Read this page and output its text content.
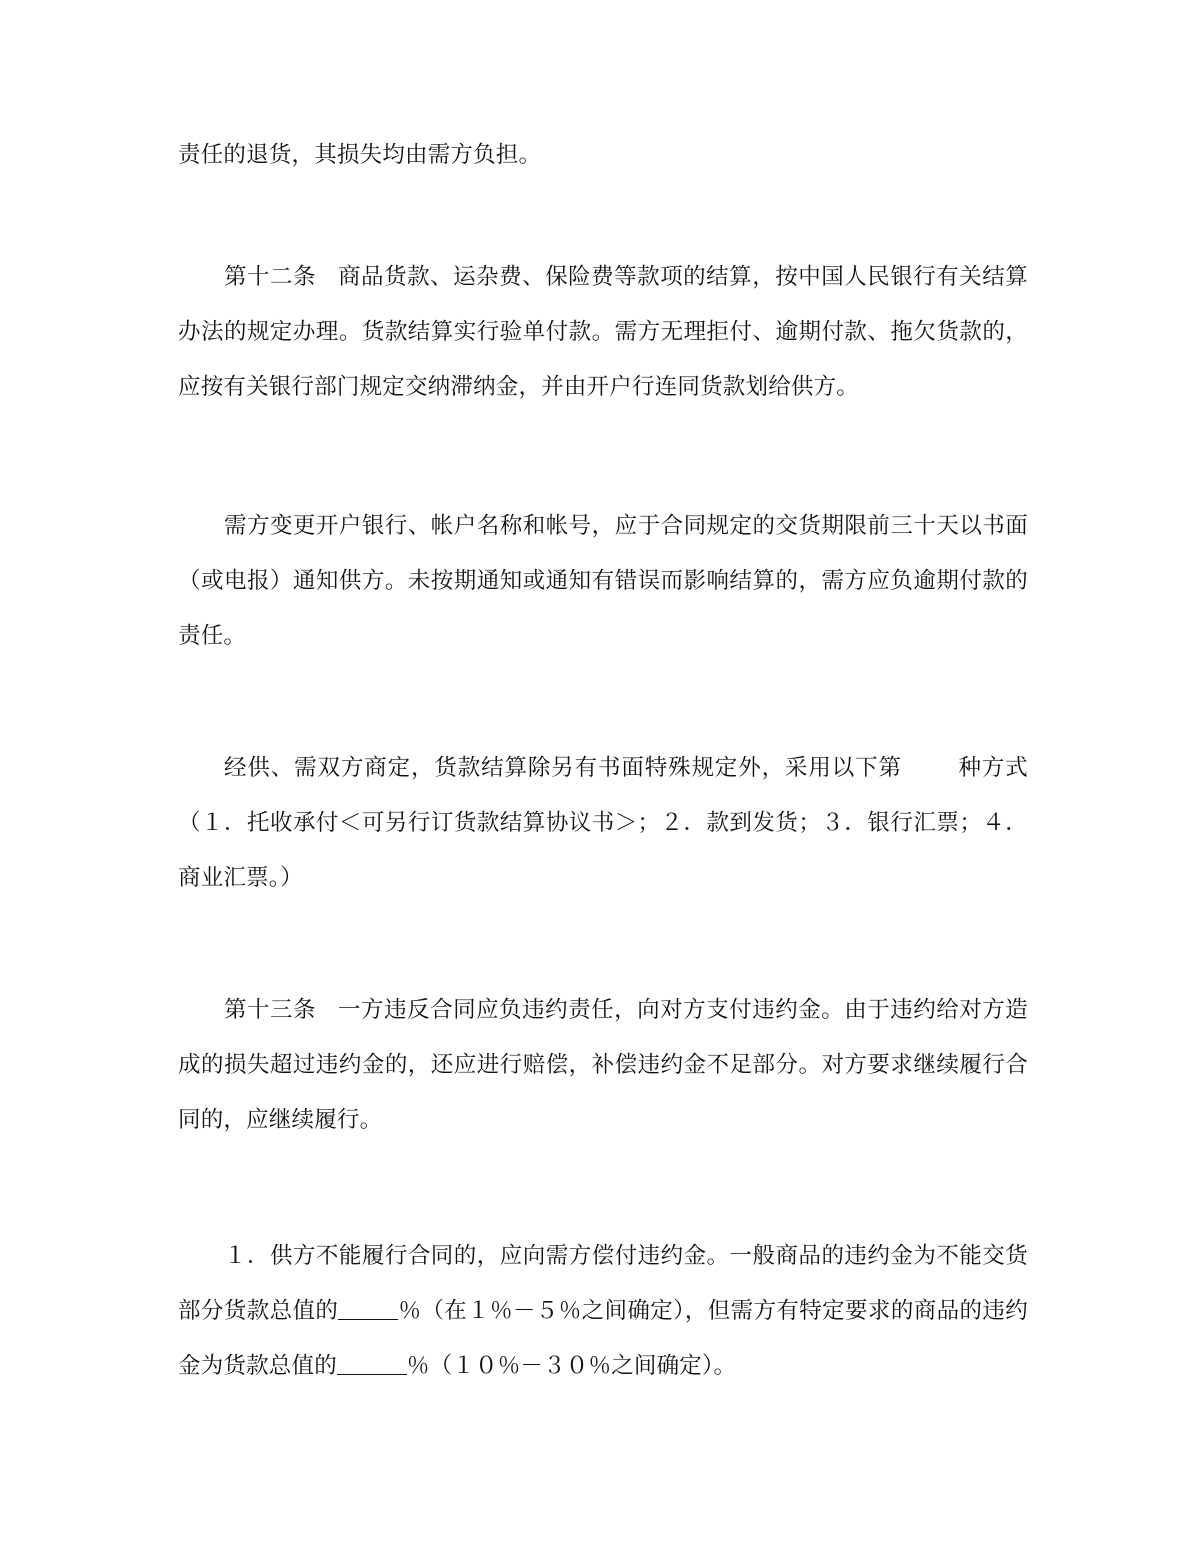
责任的退货，其损失均由需方负担。

第十二条 商品货款、运杂费、保险费等款项的结算，按中国人民银行有关结算办法的规定办理。货款结算实行验单付款。需方无理拒付、逾期付款、拖欠货款的，应按有关银行部门规定交纳滞纳金，并由开户行连同货款划给供方。

需方变更开户银行、帐户名称和帐号，应于合同规定的交货期限前三十天以书面（或电报）通知供方。未按期通知或通知有错误而影响结算的，需方应负逾期付款的责任。

经供、需双方商定，货款结算除另有书面特殊规定外，采用以下第 种方式（１．托收承付＜可另行订货款结算协议书＞；２．款到发货；３．银行汇票；４．商业汇票。）

第十三条 一方违反合同应负违约责任，向对方支付违约金。由于违约给对方造成的损失超过违约金的，还应进行赔偿，补偿违约金不足部分。对方要求继续履行合同的，应继续履行。

１．供方不能履行合同的，应向需方偿付违约金。一般商品的违约金为不能交货部分货款总值的	％（在１％－５％之间确定），但需方有特定要求的商品的违约金为货款总值的	％（１０％－３０％之间确定）。
